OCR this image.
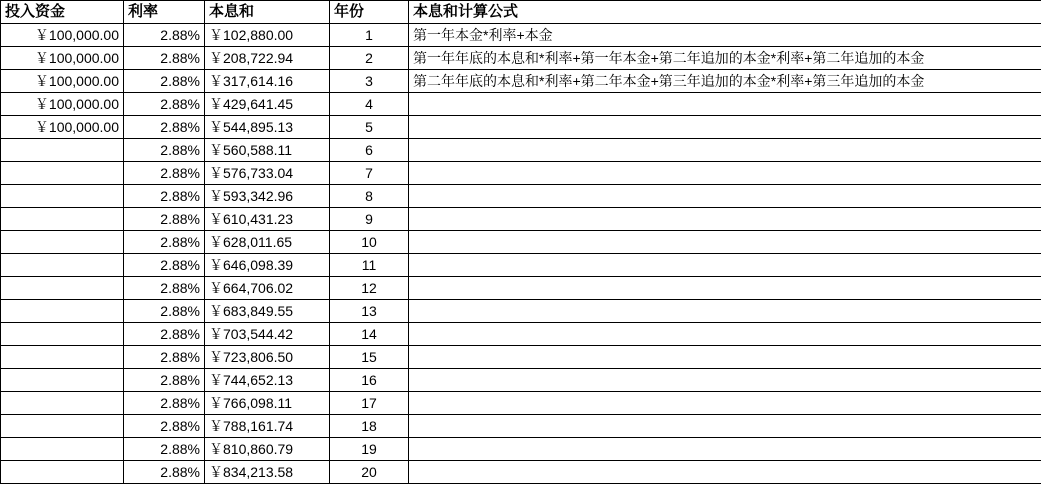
投入资金	利率	本息和	年份	本息和计算公式
￥100,000.00	2.88%	￥102,880.00	1	第一年本金*利率+本金
￥100,000.00	2.88%	￥208,722.94	2	第一年年底的本息和*利率+第一年本金+第二年追加的本金*利率+第二年追加的本金
￥100,000.00	2.88%	￥317,614.16	3	第二年年底的本息和*利率+第二年本金+第三年追加的本金*利率+第三年追加的本金
￥100,000.00	2.88%	￥429,641.45	4	
￥100,000.00	2.88%	￥544,895.13	5	
	2.88%	￥560,588.11	6	
	2.88%	￥576,733.04	7	
	2.88%	￥593,342.96	8	
	2.88%	￥610,431.23	9	
	2.88%	￥628,011.65	10	
	2.88%	￥646,098.39	11	
	2.88%	￥664,706.02	12	
	2.88%	￥683,849.55	13	
	2.88%	￥703,544.42	14	
	2.88%	￥723,806.50	15	
	2.88%	￥744,652.13	16	
	2.88%	￥766,098.11	17	
	2.88%	￥788,161.74	18	
	2.88%	￥810,860.79	19	
	2.88%	￥834,213.58	20	
